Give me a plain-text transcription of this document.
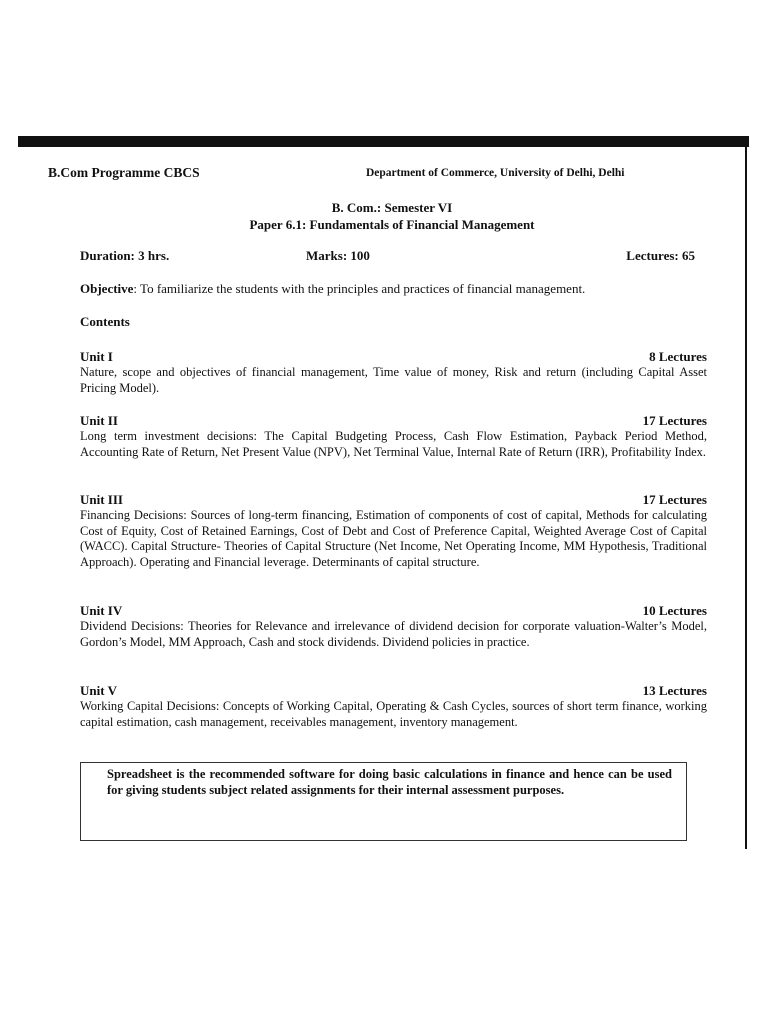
B.Com Programme CBCS	Department of Commerce, University of Delhi, Delhi
B. Com.: Semester VI
Paper 6.1: Fundamentals of Financial Management
Duration: 3 hrs.	Marks: 100	Lectures: 65
Objective: To familiarize the students with the principles and practices of financial management.
Contents
Unit I	8 Lectures
Nature, scope and objectives of financial management, Time value of money, Risk and return (including Capital Asset Pricing Model).
Unit II	17 Lectures
Long term investment decisions: The Capital Budgeting Process, Cash Flow Estimation, Payback Period Method, Accounting Rate of Return, Net Present Value (NPV), Net Terminal Value, Internal Rate of Return (IRR), Profitability Index.
Unit III	17 Lectures
Financing Decisions: Sources of long-term financing, Estimation of components of cost of capital, Methods for calculating Cost of Equity, Cost of Retained Earnings, Cost of Debt and Cost of Preference Capital, Weighted Average Cost of Capital (WACC). Capital Structure- Theories of Capital Structure (Net Income, Net Operating Income, MM Hypothesis, Traditional Approach). Operating and Financial leverage. Determinants of capital structure.
Unit IV	10 Lectures
Dividend Decisions: Theories for Relevance and irrelevance of dividend decision for corporate valuation-Walter’s Model, Gordon’s Model, MM Approach, Cash and stock dividends. Dividend policies in practice.
Unit V	13 Lectures
Working Capital Decisions: Concepts of Working Capital, Operating & Cash Cycles, sources of short term finance, working capital estimation, cash management, receivables management, inventory management.
Spreadsheet is the recommended software for doing basic calculations in finance and hence can be used for giving students subject related assignments for their internal assessment purposes.
